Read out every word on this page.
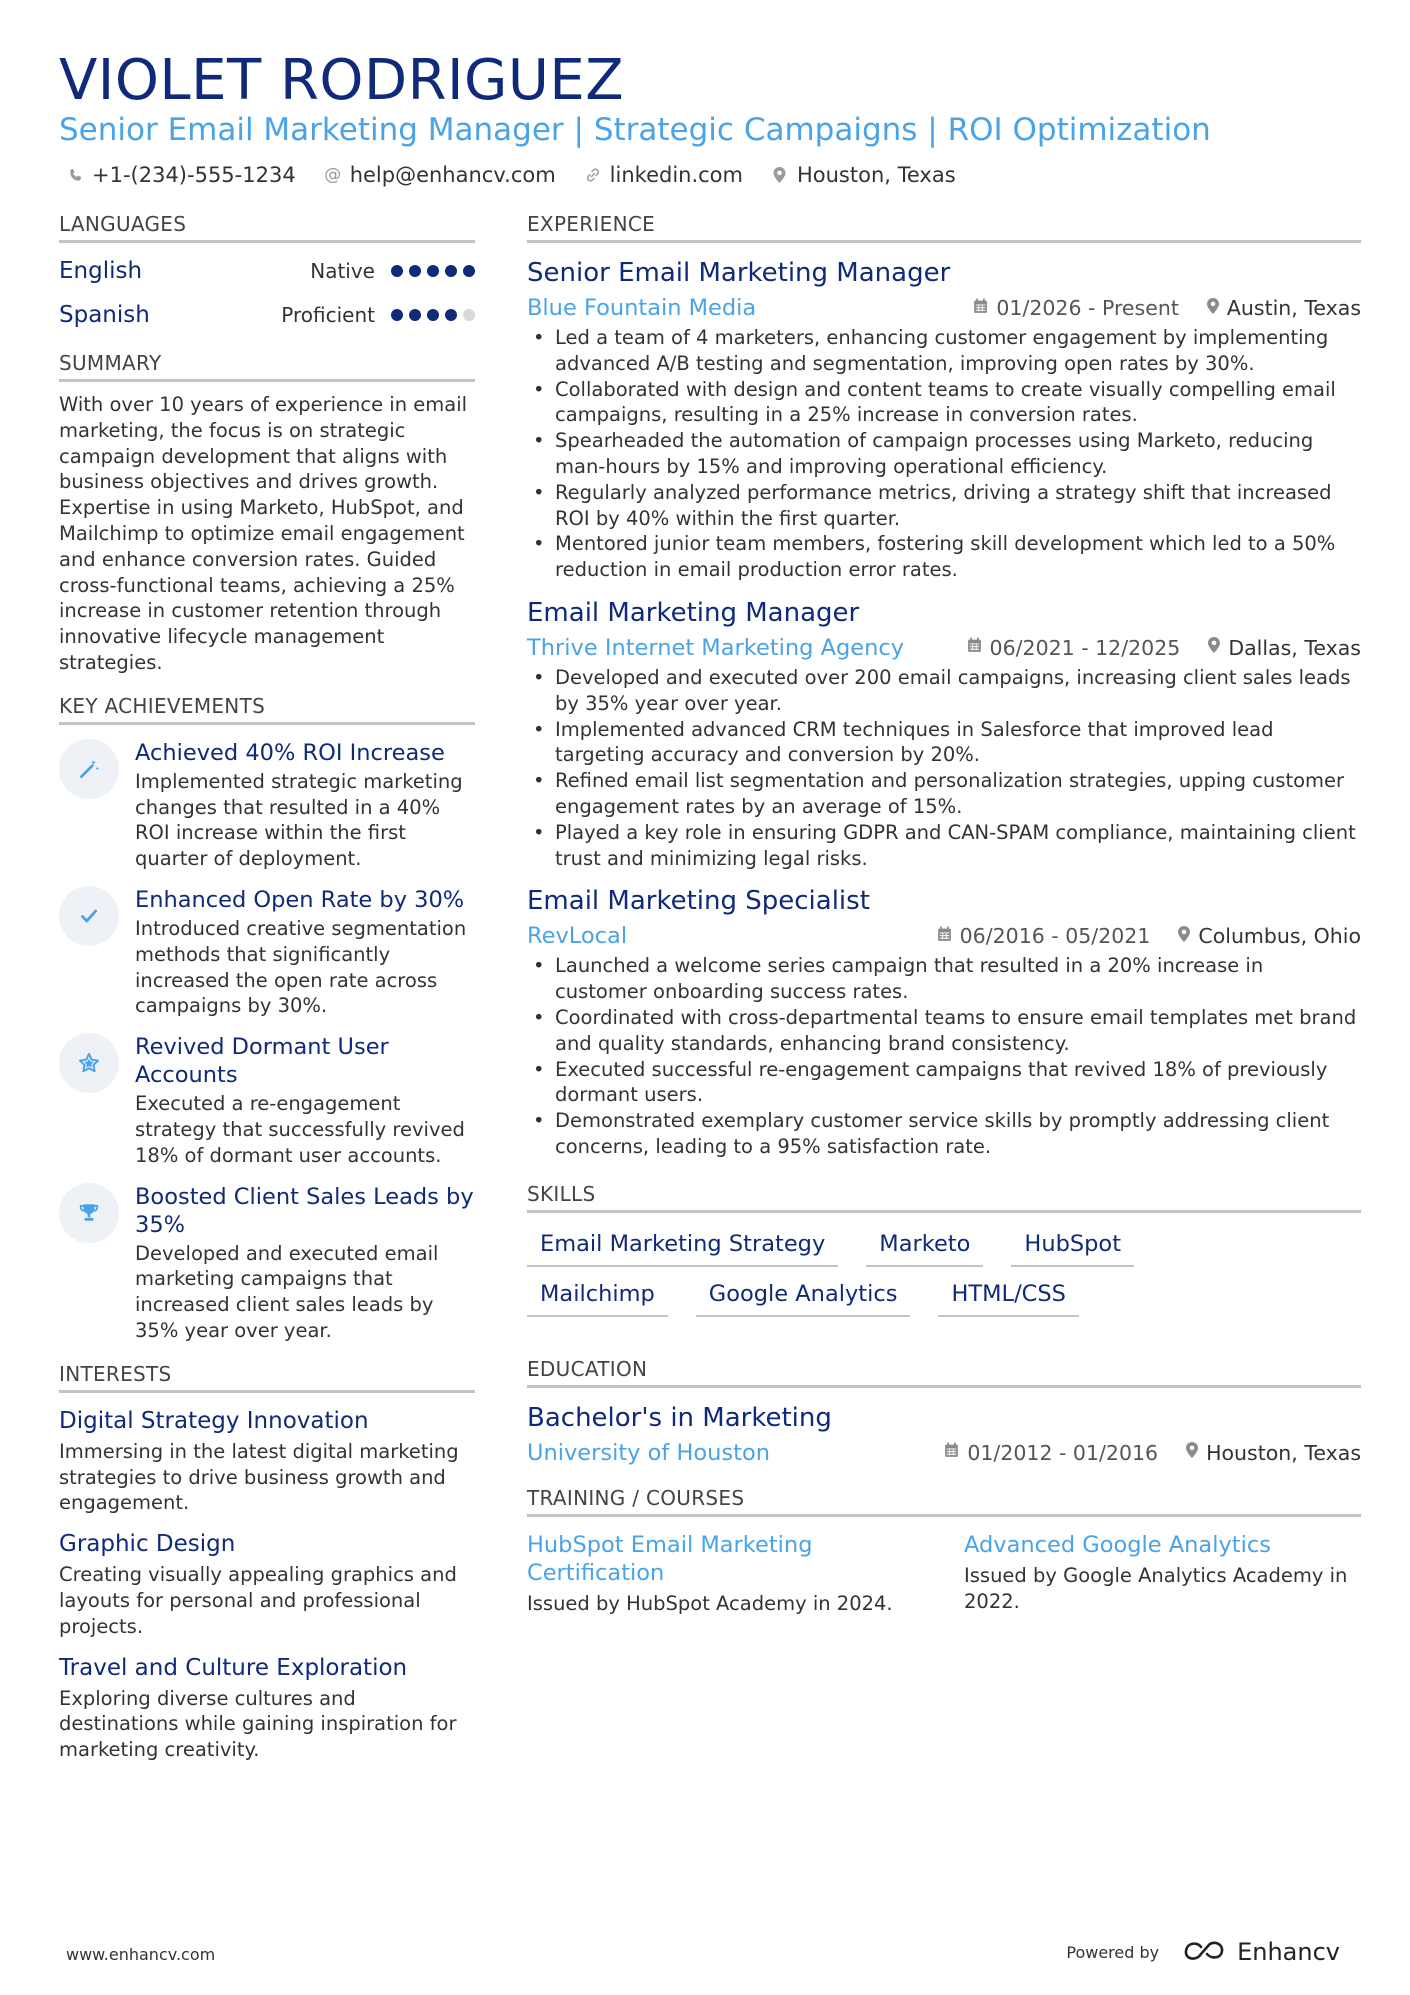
VIOLET RODRIGUEZ
Senior Email Marketing Manager | Strategic Campaigns | ROI Optimization
+1-(234)-555-1234 @ help@enhancv.com	linkedin.com	Houston, Texas
LANGUAGES
English	Native
Spanish	Proficient
SUMMARY
With over 10 years of experience in email marketing, the focus is on strategic campaign development that aligns with business objectives and drives growth. Expertise in using Marketo, HubSpot, and Mailchimp to optimize email engagement and enhance conversion rates. Guided cross-functional teams, achieving a 25% increase in customer retention through innovative lifecycle management strategies.
KEY ACHIEVEMENTS
Achieved 40% ROI Increase
Implemented strategic marketing changes that resulted in a 40% ROI increase within the first quarter of deployment.
Enhanced Open Rate by 30%
Introduced creative segmentation methods that significantly increased the open rate across campaigns by 30%.
Revived Dormant User Accounts
Executed a re-engagement strategy that successfully revived 18% of dormant user accounts.
Boosted Client Sales Leads by 35%
Developed and executed email marketing campaigns that increased client sales leads by 35% year over year.
INTERESTS
Digital Strategy Innovation
Immersing in the latest digital marketing strategies to drive business growth and engagement.
Graphic Design
Creating visually appealing graphics and layouts for personal and professional projects.
Travel and Culture Exploration
Exploring diverse cultures and destinations while gaining inspiration for marketing creativity.
EXPERIENCE
Senior Email Marketing Manager
Blue Fountain Media	01/2026 - Present Austin, Texas
• Led a team of 4 marketers, enhancing customer engagement by implementing advanced A/B testing and segmentation, improving open rates by 30%.
• Collaborated with design and content teams to create visually compelling email campaigns, resulting in a 25% increase in conversion rates.
• Spearheaded the automation of campaign processes using Marketo, reducing man-hours by 15% and improving operational efficiency.
• Regularly analyzed performance metrics, driving a strategy shift that increased ROI by 40% within the first quarter.
• Mentored junior team members, fostering skill development which led to a 50% reduction in email production error rates.
Email Marketing Manager
Thrive Internet Marketing Agency	06/2021 - 12/2025 Dallas, Texas
• Developed and executed over 200 email campaigns, increasing client sales leads by 35% year over year.
• Implemented advanced CRM techniques in Salesforce that improved lead targeting accuracy and conversion by 20%.
• Refined email list segmentation and personalization strategies, upping customer engagement rates by an average of 15%.
• Played a key role in ensuring GDPR and CAN-SPAM compliance, maintaining client trust and minimizing legal risks.
Email Marketing Specialist
RevLocal	06/2016 - 05/2021 Columbus, Ohio
• Launched a welcome series campaign that resulted in a 20% increase in customer onboarding success rates.
• Coordinated with cross-departmental teams to ensure email templates met brand and quality standards, enhancing brand consistency.
• Executed successful re-engagement campaigns that revived 18% of previously dormant users.
• Demonstrated exemplary customer service skills by promptly addressing client concerns, leading to a 95% satisfaction rate.
SKILLS
Email Marketing Strategy	Marketo	HubSpot
Mailchimp	Google Analytics	HTML/CSS
EDUCATION
Bachelor's in Marketing
University of Houston	01/2012 - 01/2016 Houston, Texas
TRAINING / COURSES
HubSpot Email Marketing Certification
Issued by HubSpot Academy in 2024.
Advanced Google Analytics
Issued by Google Analytics Academy in 2022.
www.enhancv.com	Powered by	Enhancv
